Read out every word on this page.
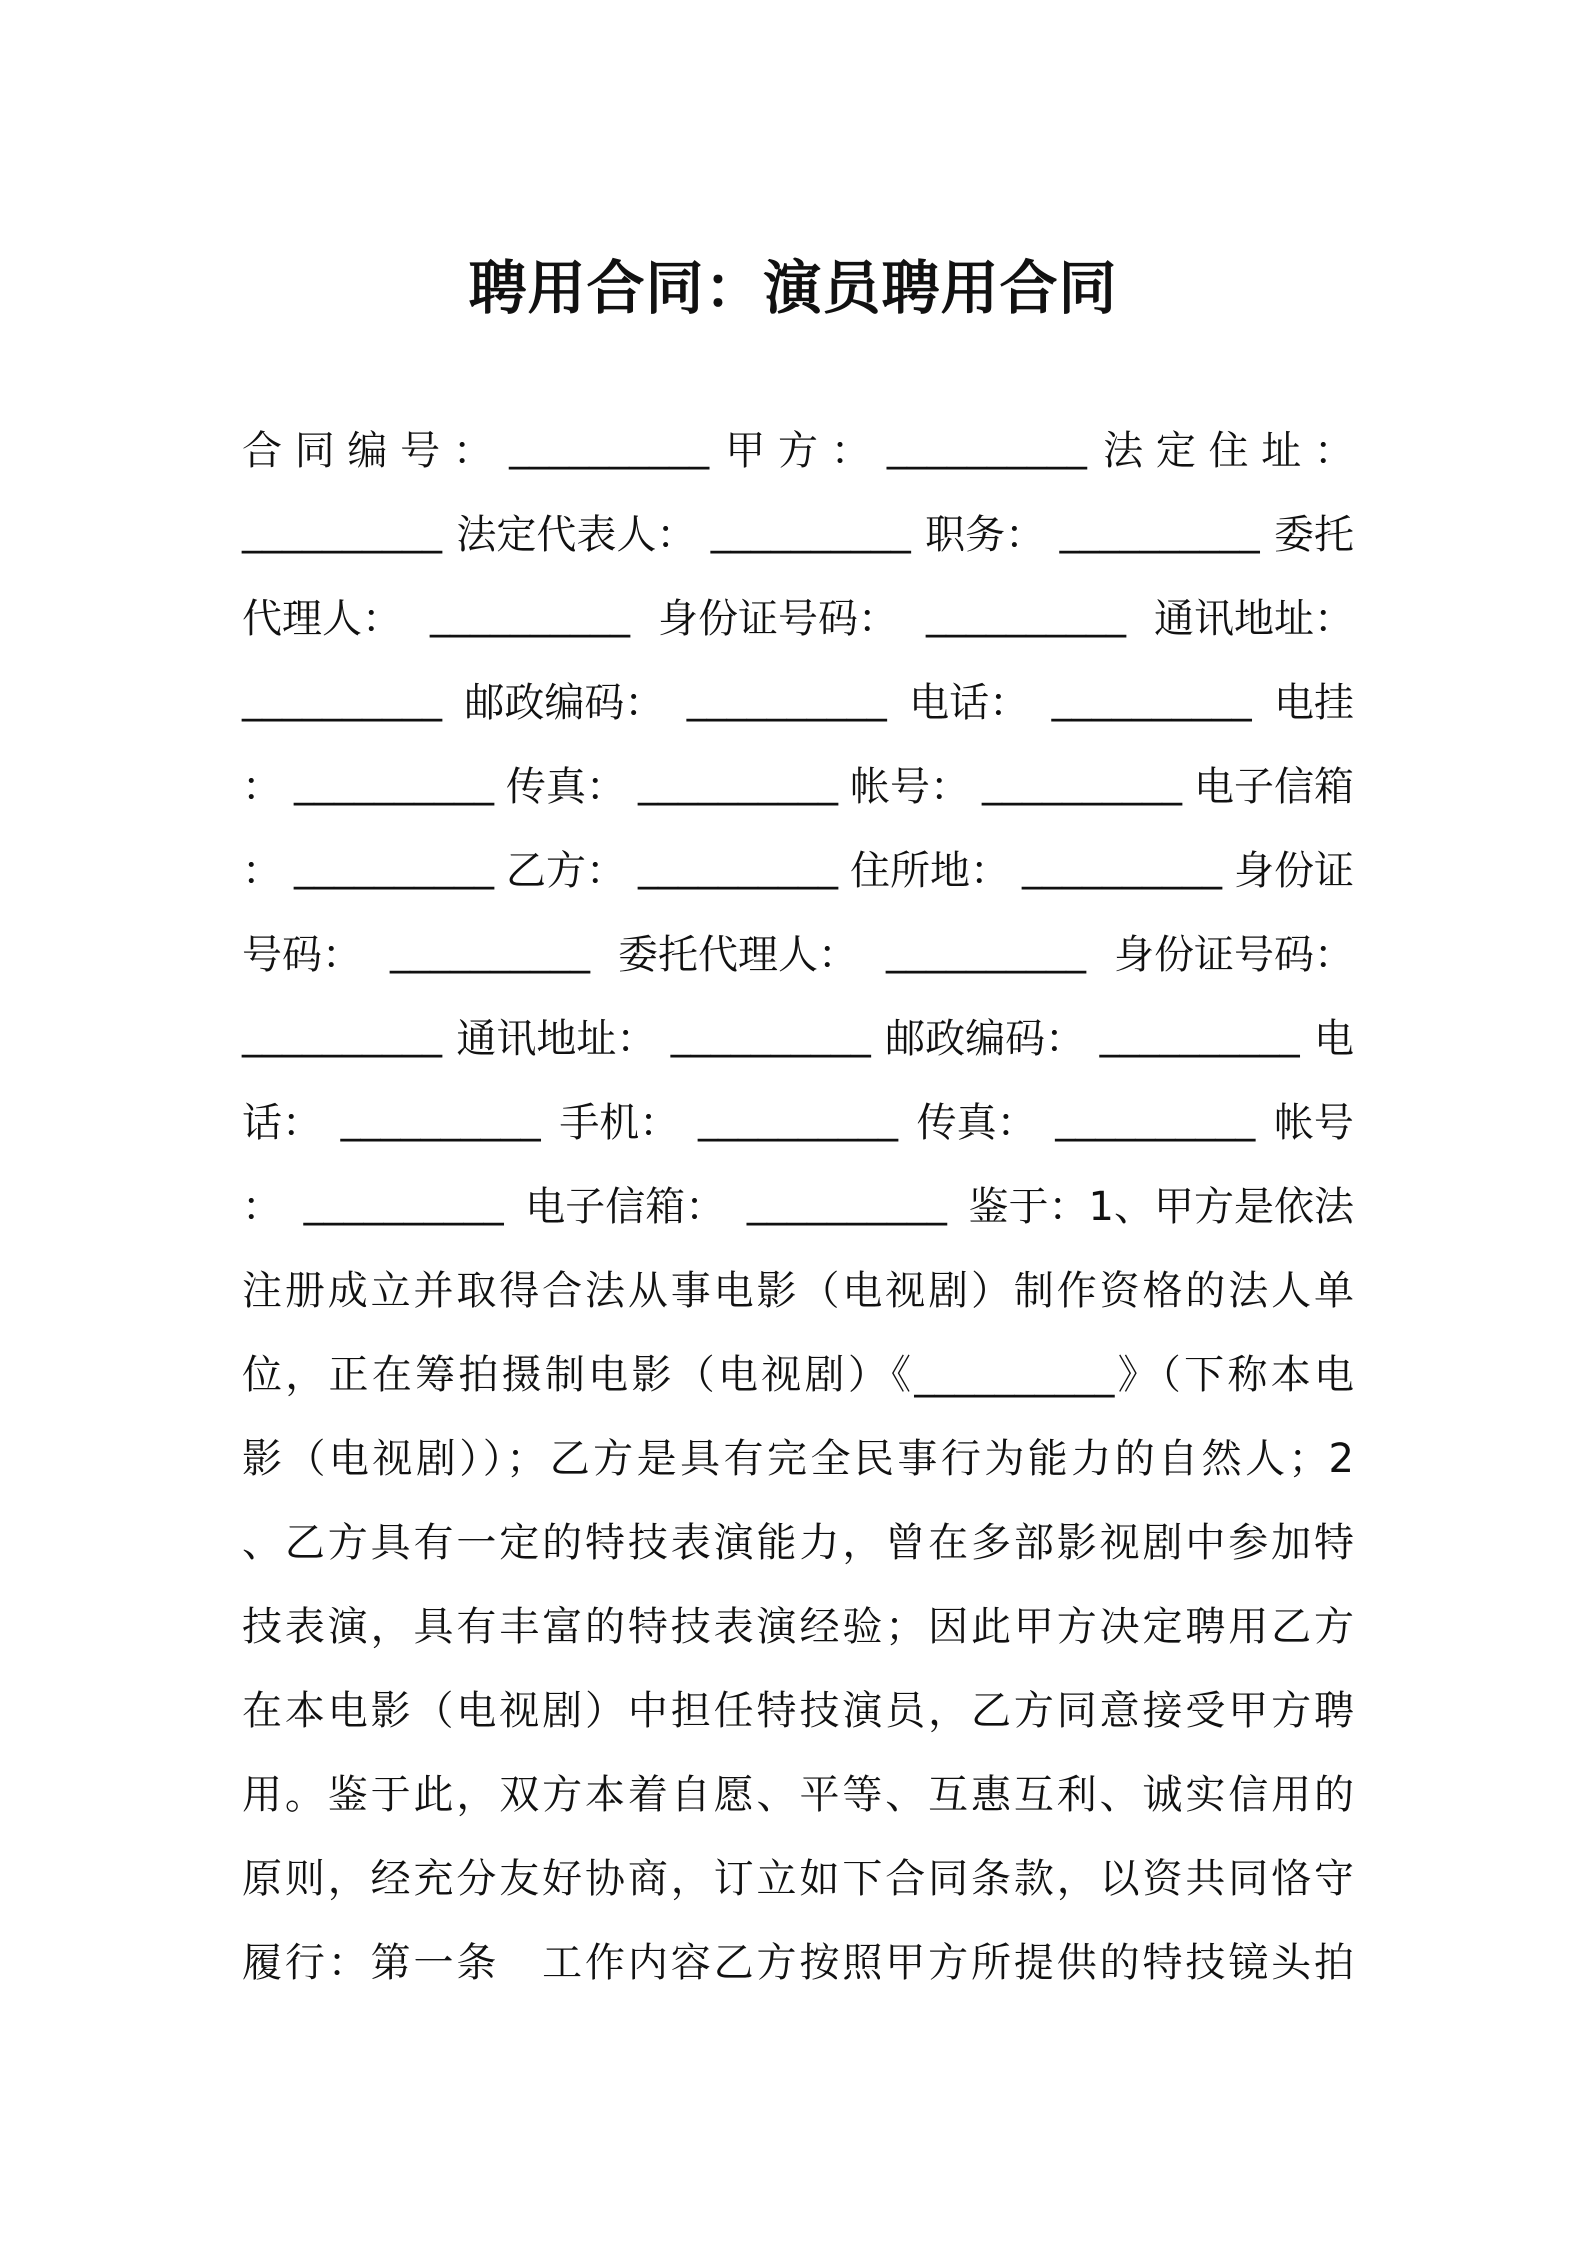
聘用合同：演员聘用合同
合 同 编 号 ： __________ 甲 方 ： __________ 法 定 住 址 ：
__________ 法定代表人： __________ 职务： __________ 委托
代理人： __________ 身份证号码： __________ 通讯地址：
__________ 邮政编码： __________ 电话： __________ 电挂
： __________ 传真： __________ 帐号： __________ 电子信箱
： __________ 乙方： __________ 住所地： __________ 身份证
号码： __________ 委托代理人： __________ 身份证号码：
__________ 通讯地址： __________ 邮政编码： __________ 电
话： __________ 手机： __________ 传真： __________ 帐号
： __________ 电子信箱： __________ 鉴于：1、甲方是依法
注册成立并取得合法从事电影（电视剧）制作资格的法人单
位，正在筹拍摄制电影（电视剧）《__________》（下称本电
影（电视剧））；乙方是具有完全民事行为能力的自然人；2
、乙方具有一定的特技表演能力，曾在多部影视剧中参加特
技表演，具有丰富的特技表演经验；因此甲方决定聘用乙方
在本电影（电视剧）中担任特技演员，乙方同意接受甲方聘
用。鉴于此，双方本着自愿、平等、互惠互利、诚实信用的
原则，经充分友好协商，订立如下合同条款，以资共同恪守
履行：第一条　工作内容乙方按照甲方所提供的特技镜头拍
